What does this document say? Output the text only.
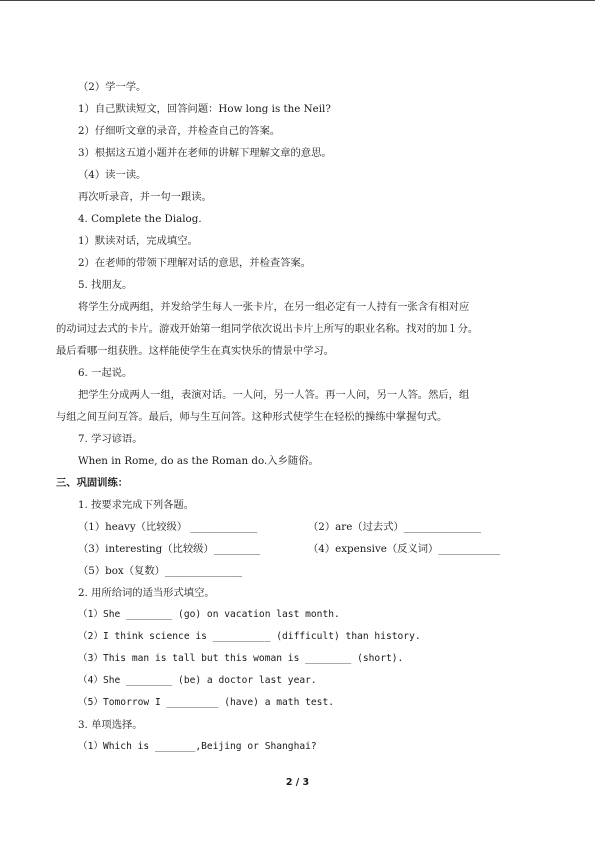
（2）学一学。
1）自己默读短文，回答问题：How long is the Neil?
2）仔细听文章的录音，并检查自己的答案。
3）根据这五道小题并在老师的讲解下理解文章的意思。
（4）读一读。
再次听录音，并一句一跟读。
4. Complete the Dialog.
1）默读对话，完成填空。
2）在老师的带领下理解对话的意思，并检查答案。
5. 找朋友。
将学生分成两组，并发给学生每人一张卡片，在另一组必定有一人持有一张含有相对应
的动词过去式的卡片。游戏开始第一组同学依次说出卡片上所写的职业名称。找对的加１分。
最后看哪一组获胜。这样能使学生在真实快乐的情景中学习。
6. 一起说。
把学生分成两人一组，表演对话。一人问，另一人答。再一人问，另一人答。然后，组
与组之间互问互答。最后，师与生互问答。这种形式使学生在轻松的操练中掌握句式。
7. 学习谚语。
When in Rome, do as the Roman do.入乡随俗。
三、巩固训练：
1. 按要求完成下列各题。
（1）heavy（比较级） _____________	（2）are（过去式）_______________
（3）interesting（比较级）_________	（4）expensive（反义词）____________
（5）box（复数）_______________
2. 用所给词的适当形式填空。
（1）She ________ (go) on vacation last month.
（2）I think science is __________ (difficult) than history.
（3）This man is tall but this woman is ________ (short).
（4）She ________ (be) a doctor last year.
（5）Tomorrow I _________ (have) a math test.
3. 单项选择。
（1）Which is _______,Beijing or Shanghai?
2 / 3
